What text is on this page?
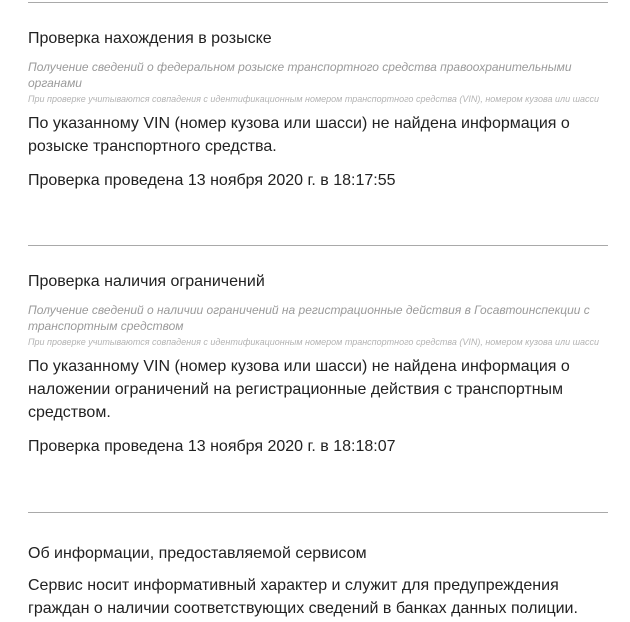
Проверка нахождения в розыске
Получение сведений о федеральном розыске транспортного средства правоохранительными органами
При проверке учитываются совпадения с идентификационным номером транспортного средства (VIN), номером кузова или шасси
По указанному VIN (номер кузова или шасси) не найдена информация о розыске транспортного средства.
Проверка проведена 13 ноября 2020 г. в 18:17:55
Проверка наличия ограничений
Получение сведений о наличии ограничений на регистрационные действия в Госавтоинспекции с транспортным средством
При проверке учитываются совпадения с идентификационным номером транспортного средства (VIN), номером кузова или шасси
По указанному VIN (номер кузова или шасси) не найдена информация о наложении ограничений на регистрационные действия с транспортным средством.
Проверка проведена 13 ноября 2020 г. в 18:18:07
Об информации, предоставляемой сервисом
Сервис носит информативный характер и служит для предупреждения граждан о наличии соответствующих сведений в банках данных полиции.
